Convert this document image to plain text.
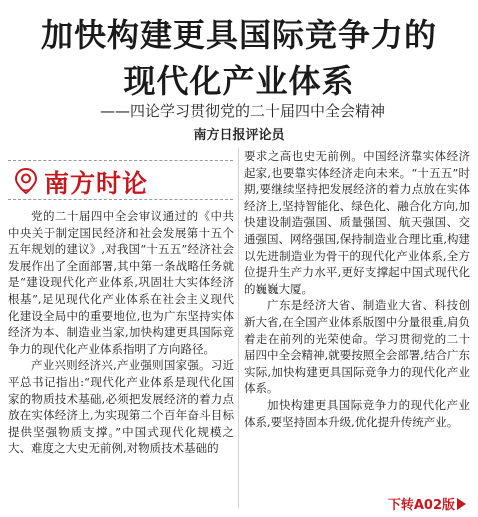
加快构建更具国际竞争力的
现代化产业体系
——四论学习贯彻党的二十届四中全会精神
南方日报评论员
南方时论

党的二十届四中全会审议通过的《中共中央关于制定国民经济和社会发展第十五个五年规划的建议》,对我国“十五五”经济社会发展作出了全面部署,其中第一条战略任务就是“建设现代化产业体系,巩固壮大实体经济根基”,足见现代化产业体系在社会主义现代化建设全局中的重要地位,也为广东坚持实体经济为本、制造业当家,加快构建更具国际竞争力的现代化产业体系指明了方向路径。

产业兴则经济兴,产业强则国家强。习近平总书记指出:“现代化产业体系是现代化国家的物质技术基础,必须把发展经济的着力点放在实体经济上,为实现第二个百年奋斗目标提供坚强物质支撑。”中国式现代化规模之大、难度之大史无前例,对物质技术基础的

要求之高也史无前例。中国经济靠实体经济起家,也要靠实体经济走向未来。“十五五”时期,要继续坚持把发展经济的着力点放在实体经济上,坚持智能化、绿色化、融合化方向,加快建设制造强国、质量强国、航天强国、交通强国、网络强国,保持制造业合理比重,构建以先进制造业为骨干的现代化产业体系,全方位提升生产力水平,更好支撑起中国式现代化的巍巍大厦。

广东是经济大省、制造业大省、科技创新大省,在全国产业体系版图中分量很重,肩负着走在前列的光荣使命。学习贯彻党的二十届四中全会精神,就要按照全会部署,结合广东实际,加快构建更具国际竞争力的现代化产业体系。

加快构建更具国际竞争力的现代化产业体系,要坚持固本升级,优化提升传统产业。

下转A02版
